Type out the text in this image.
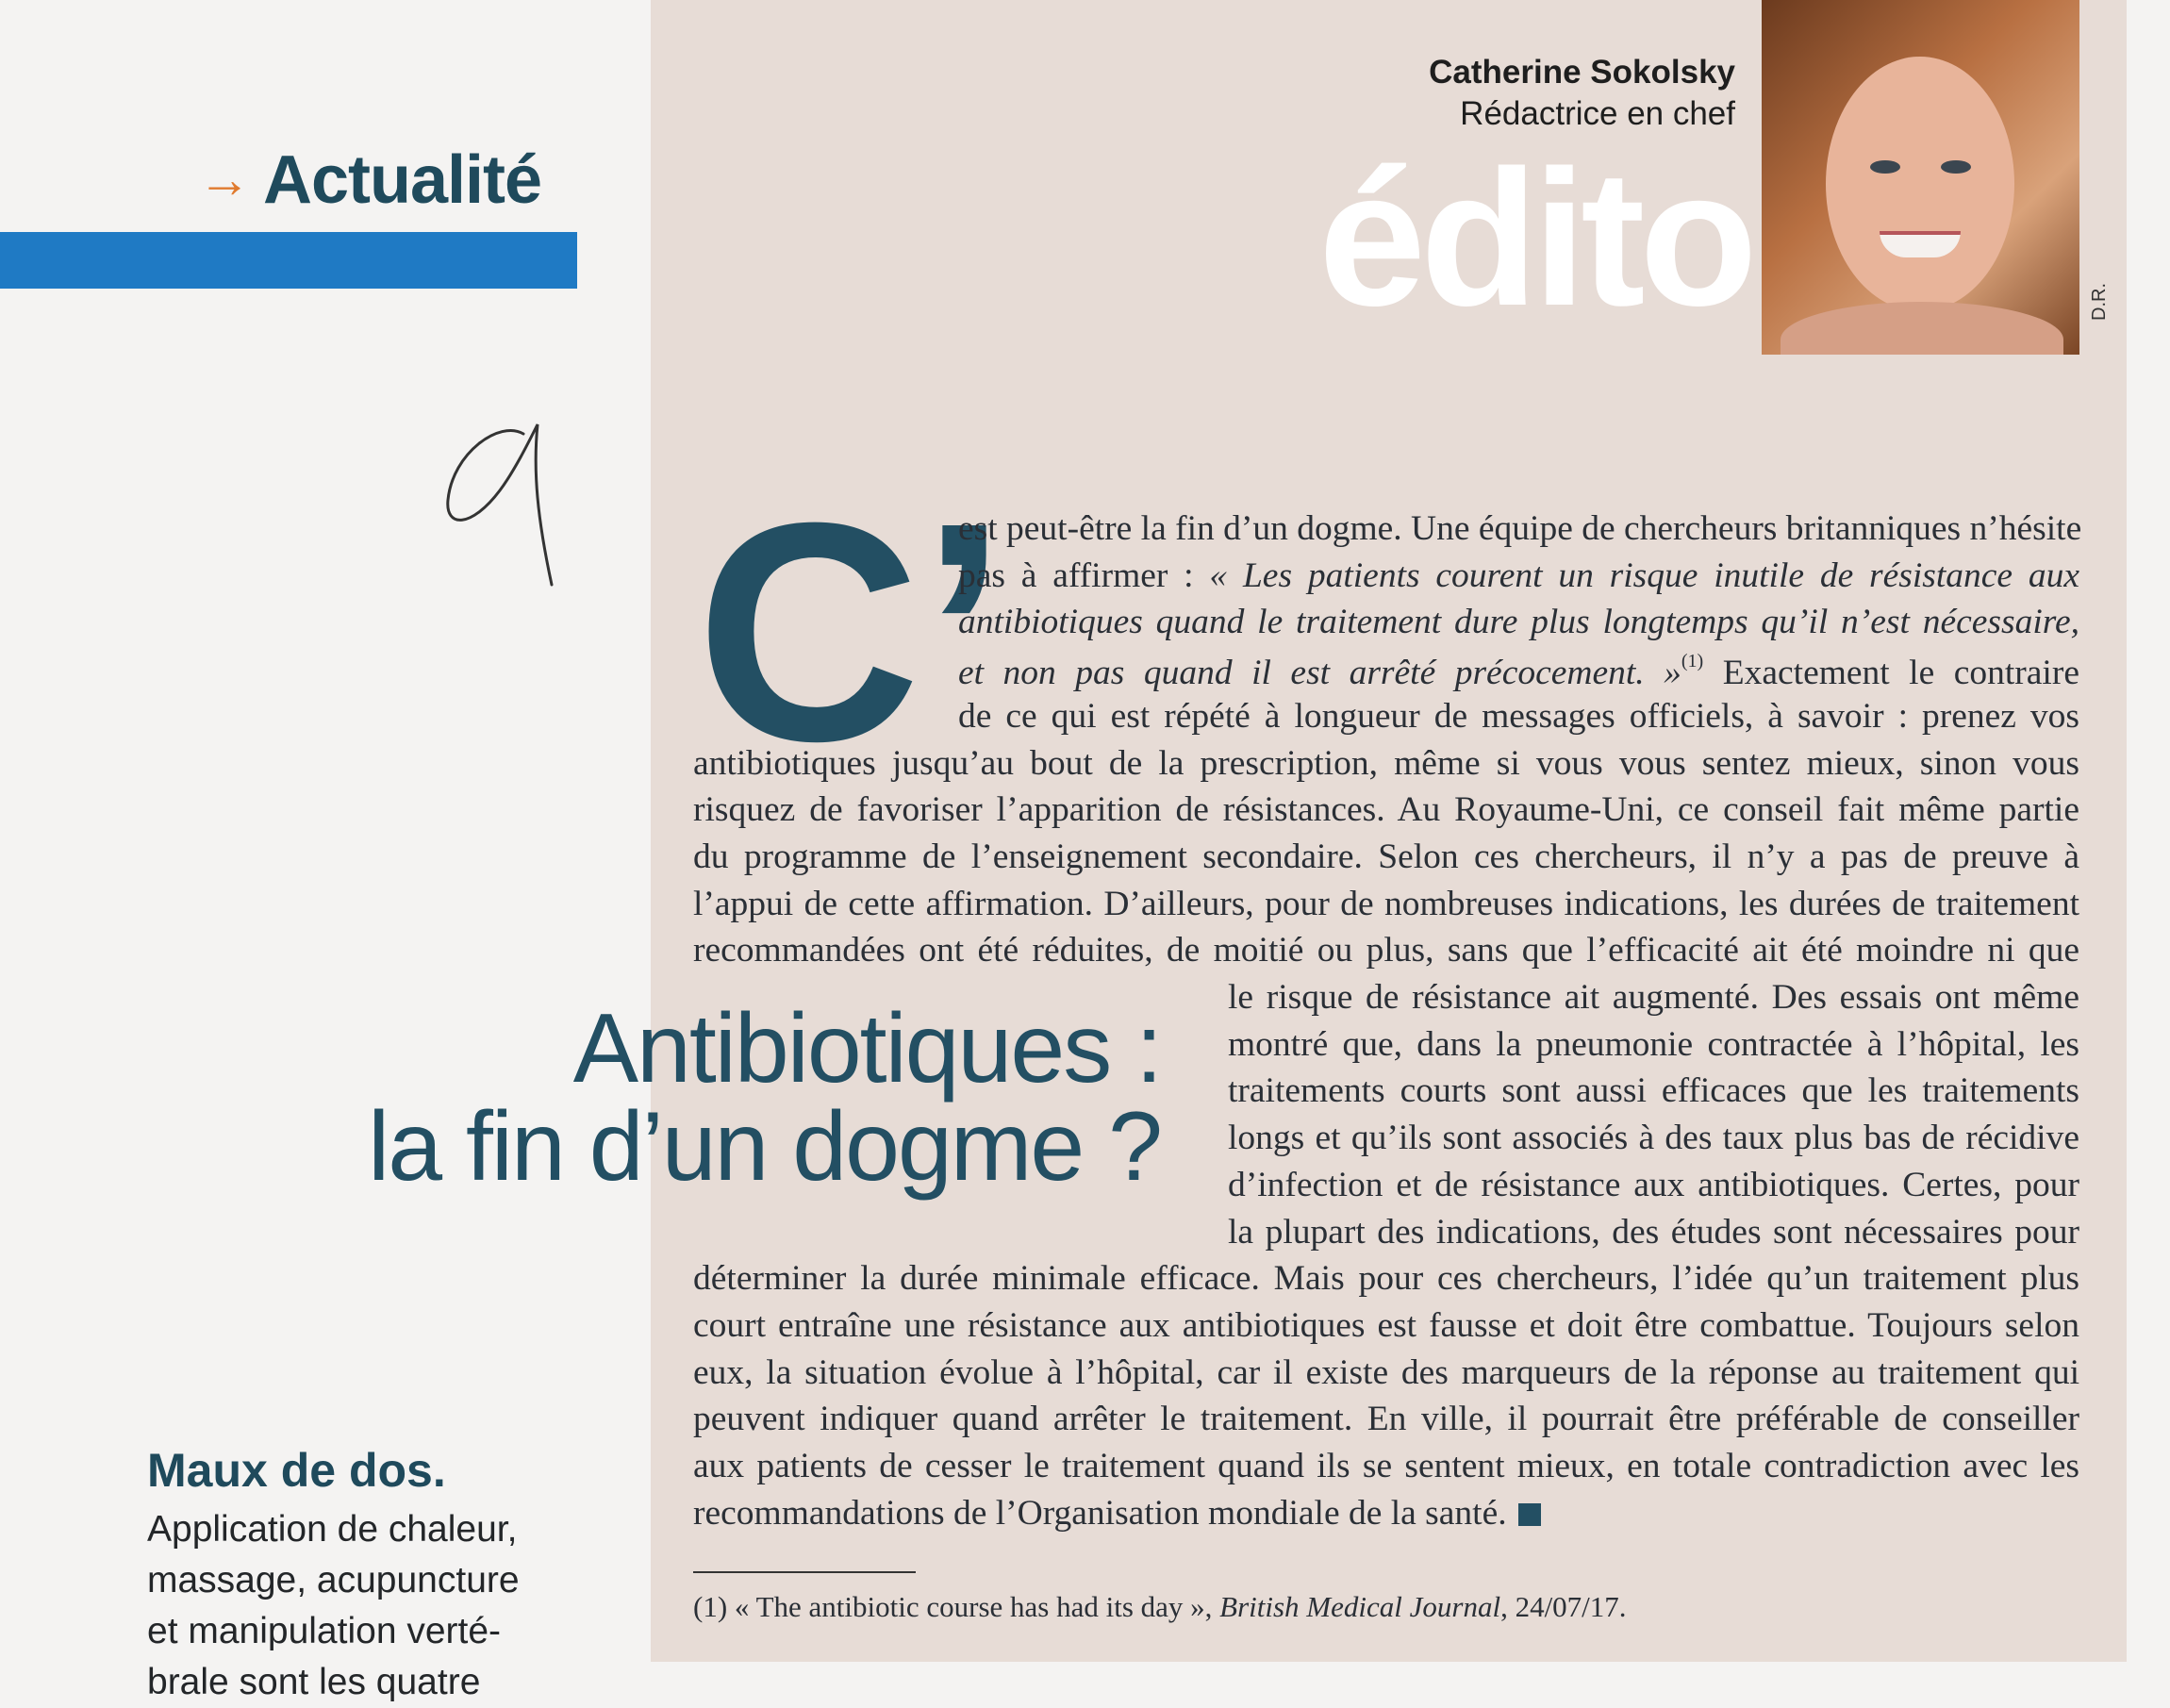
→ Actualité
Maux de dos.
Application de chaleur,
massage, acupuncture
et manipulation verté-
brale sont les quatre
Catherine Sokolsky
Rédactrice en chef
D.R.
édito
C’
est peut-être la fin d’un dogme. Une équipe de chercheurs britanniques n’hésite
pas à affirmer : « Les patients courent un risque inutile de résistance aux
antibiotiques quand le traitement dure plus longtemps qu’il n’est nécessaire,
et non pas quand il est arrêté précocement. »$^{(1)}$ Exactement le contraire
de ce qui est répété à longueur de messages officiels, à savoir : prenez vos
antibiotiques jusqu’au bout de la prescription, même si vous vous sentez mieux, sinon vous
risquez de favoriser l’apparition de résistances. Au Royaume-Uni, ce conseil fait même partie
du programme de l’enseignement secondaire. Selon ces chercheurs, il n’y a pas de preuve à
l’appui de cette affirmation. D’ailleurs, pour de nombreuses indications, les durées de traitement
recommandées ont été réduites, de moitié ou plus, sans que l’efficacité ait été moindre ni que
le risque de résistance ait augmenté. Des essais ont même
montré que, dans la pneumonie contractée à l’hôpital, les
traitements courts sont aussi efficaces que les traitements
longs et qu’ils sont associés à des taux plus bas de récidive
d’infection et de résistance aux antibiotiques. Certes, pour
la plupart des indications, des études sont nécessaires pour
déterminer la durée minimale efficace. Mais pour ces chercheurs, l’idée qu’un traitement plus
court entraîne une résistance aux antibiotiques est fausse et doit être combattue. Toujours selon
eux, la situation évolue à l’hôpital, car il existe des marqueurs de la réponse au traitement qui
peuvent indiquer quand arrêter le traitement. En ville, il pourrait être préférable de conseiller
aux patients de cesser le traitement quand ils se sentent mieux, en totale contradiction avec les
recommandations de l’Organisation mondiale de la santé.
Antibiotiques :
la fin d’un dogme ?
(1) « The antibiotic course has had its day », British Medical Journal, 24/07/17.
